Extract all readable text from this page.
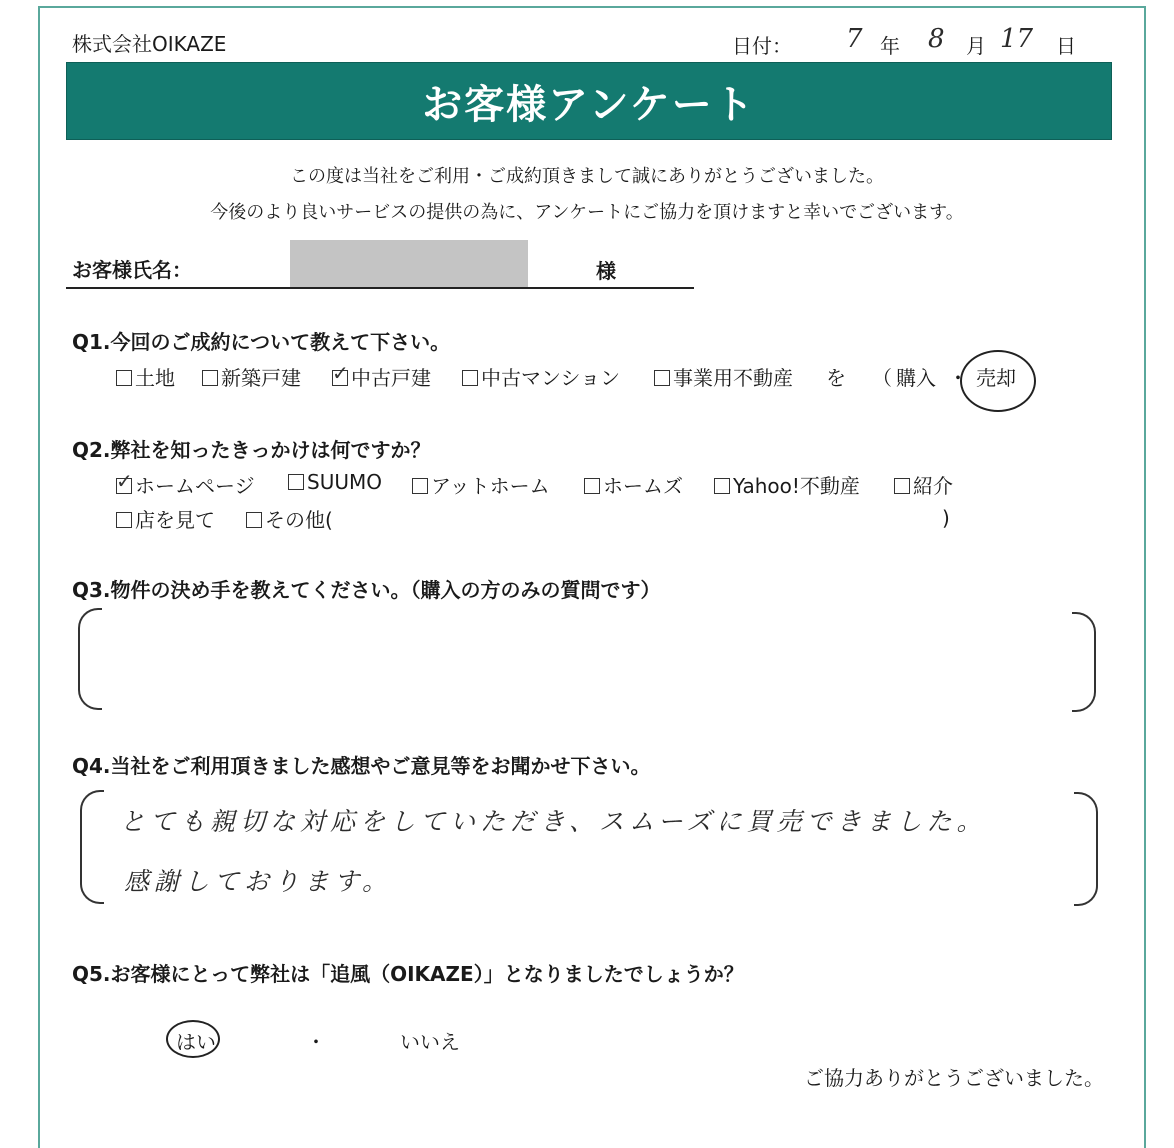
株式会社OIKAZE	日付： 7 年 8 月 17 日
お客様アンケート
この度は当社をご利用・ご成約頂きまして誠にありがとうございました。
今後のより良いサービスの提供の為に、アンケートにご協力を頂けますと幸いでございます。
お客様氏名：	様
Q1.今回のご成約について教えて下さい。
土地	新築戸建 ✓ 中古戸建	中古マンション	事業用不動産 を （ 購入 ・ 売却
Q2.弊社を知ったきっかけは何ですか？
✓ ホームページ	SUUMO	アットホーム	ホームズ	Yahoo!不動産	紹介
店を見て	その他(	)
Q3.物件の決め手を教えてください。（購入の方のみの質問です）
Q4.当社をご利用頂きました感想やご意見等をお聞かせ下さい。
とても親切な対応をしていただき、スムーズに買売できました。
感謝しております。
Q5.お客様にとって弊社は「追風（OIKAZE）」となりましたでしょうか？
はい	・	いいえ
ご協力ありがとうございました。
